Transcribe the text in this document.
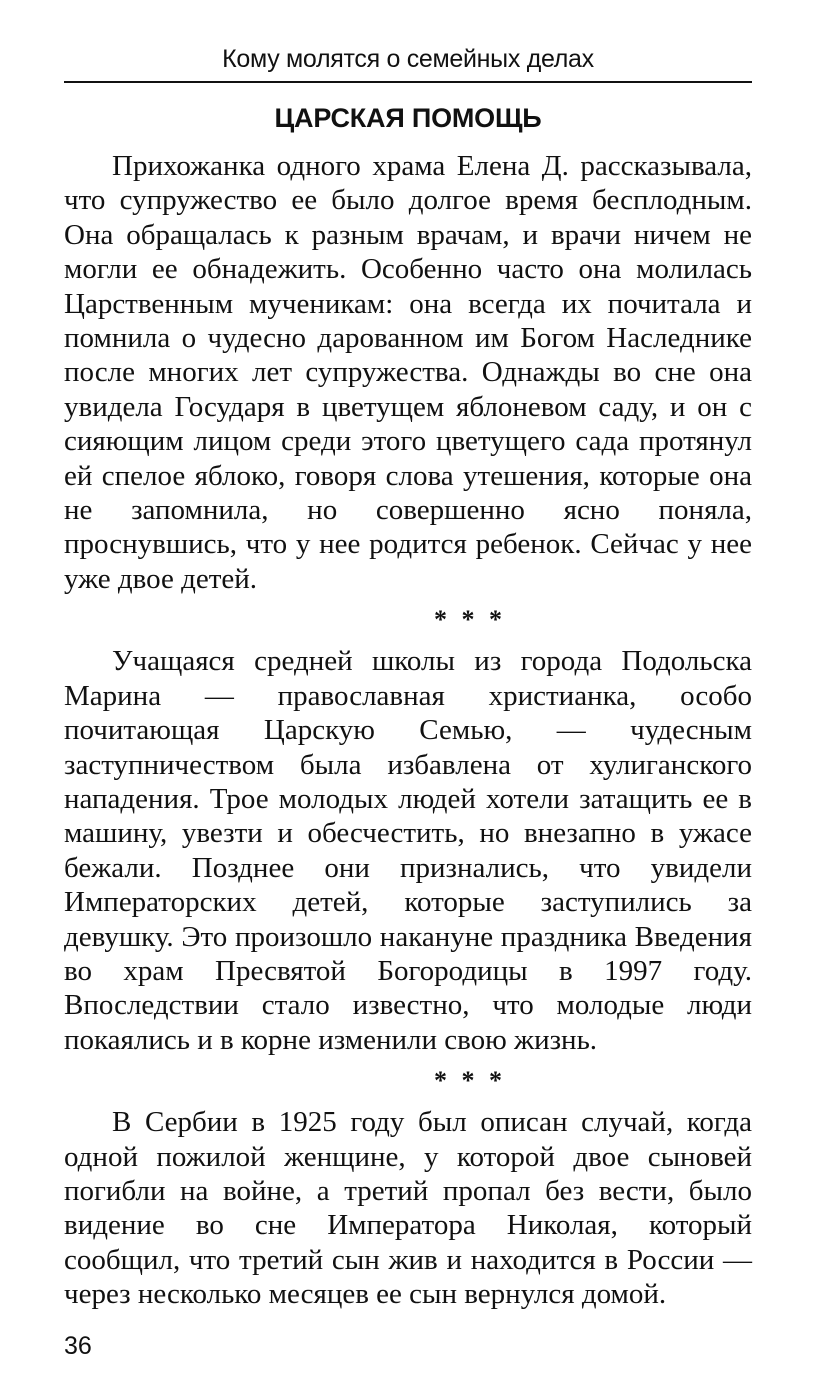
Кому молятся о семейных делах
ЦАРСКАЯ ПОМОЩЬ

Прихожанка одного храма Елена Д. рассказывала, что супружество ее было долгое время бесплодным. Она обращалась к разным врачам, и врачи ничем не могли ее обнадежить. Особенно часто она молилась Царственным мученикам: она всегда их почитала и помнила о чудесно дарованном им Богом Наследнике после многих лет супружества. Однажды во сне она увидела Государя в цветущем яблоневом саду, и он с сияющим лицом среди этого цветущего сада протянул ей спелое яблоко, говоря слова утешения, которые она не запомнила, но совершенно ясно поняла, проснувшись, что у нее родится ребенок. Сейчас у нее уже двое детей.

* * *

Учащаяся средней школы из города Подольска Марина — православная христианка, особо почитающая Царскую Семью, — чудесным заступничеством была избавлена от хулиганского нападения. Трое молодых людей хотели затащить ее в машину, увезти и обесчестить, но внезапно в ужасе бежали. Позднее они признались, что увидели Императорских детей, которые заступились за девушку. Это произошло накануне праздника Введения во храм Пресвятой Богородицы в 1997 году. Впоследствии стало известно, что молодые люди покаялись и в корне изменили свою жизнь.

* * *

В Сербии в 1925 году был описан случай, когда одной пожилой женщине, у которой двое сыновей погибли на войне, а третий пропал без вести, было видение во сне Императора Николая, который сообщил, что третий сын жив и находится в России — через несколько месяцев ее сын вернулся домой.

36
